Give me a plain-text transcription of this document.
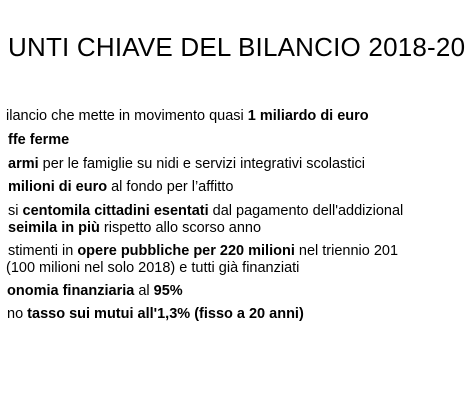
UNTI CHIAVE DEL BILANCIO 2018-20
ilancio che mette in movimento quasi 1 miliardo di euro
ffe ferme
armi per le famiglie su nidi e servizi integrativi scolastici
milioni di euro al fondo per l’affitto
si centomila cittadini esentati dal pagamento dell'addizional
seimila in più rispetto allo scorso anno
stimenti in opere pubbliche per 220 milioni nel triennio 201
(100 milioni nel solo 2018) e tutti già finanziati
onomia finanziaria al 95%
no tasso sui mutui all'1,3% (fisso a 20 anni)
